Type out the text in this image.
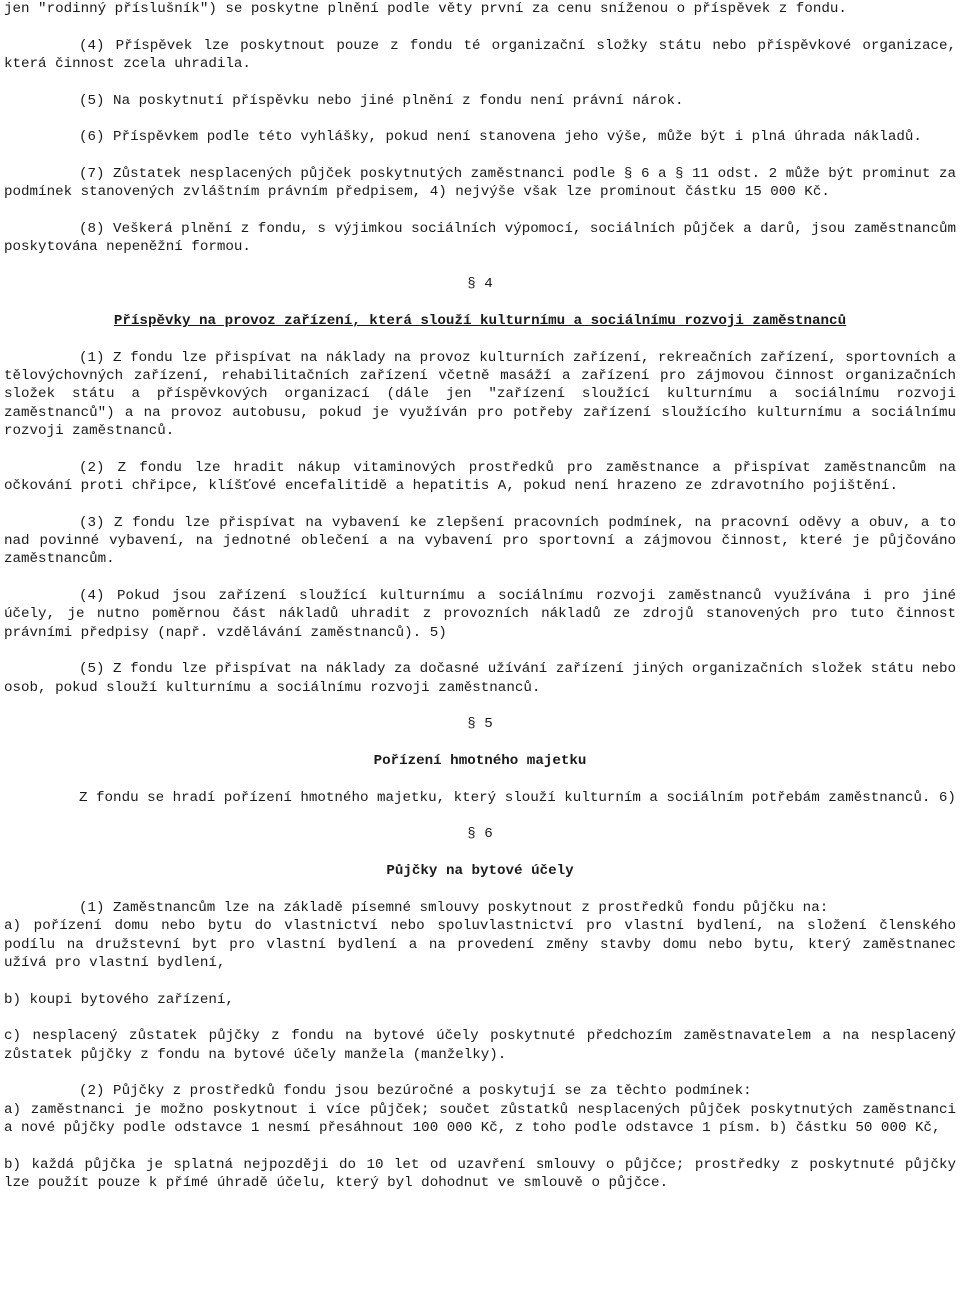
jen "rodinný příslušník") se poskytne plnění podle věty první za cenu sníženou o příspěvek z fondu.

(4) Příspěvek lze poskytnout pouze z fondu té organizační složky státu nebo příspěvkové organizace, která činnost zcela uhradila.

(5) Na poskytnutí příspěvku nebo jiné plnění z fondu není právní nárok.

(6) Příspěvkem podle této vyhlášky, pokud není stanovena jeho výše, může být i plná úhrada nákladů.

(7) Zůstatek nesplacených půjček poskytnutých zaměstnanci podle § 6 a § 11 odst. 2 může být prominut za podmínek stanovených zvláštním právním předpisem, 4) nejvýše však lze prominout částku 15 000 Kč.

(8) Veškerá plnění z fondu, s výjimkou sociálních výpomocí, sociálních půjček a darů, jsou zaměstnancům poskytována nepeněžní formou.

§ 4

Příspěvky na provoz zařízení, která slouží kulturnímu a sociálnímu rozvoji zaměstnanců

(1) Z fondu lze přispívat na náklady na provoz kulturních zařízení, rekreačních zařízení, sportovních a tělovýchovných zařízení, rehabilitačních zařízení včetně masáží a zařízení pro zájmovou činnost organizačních složek státu a příspěvkových organizací (dále jen "zařízení sloužící kulturnímu a sociálnímu rozvoji zaměstnanců") a na provoz autobusu, pokud je využíván pro potřeby zařízení sloužícího kulturnímu a sociálnímu rozvoji zaměstnanců.

(2) Z fondu lze hradit nákup vitaminových prostředků pro zaměstnance a přispívat zaměstnancům na očkování proti chřipce, klíšťové encefalitidě a hepatitis A, pokud není hrazeno ze zdravotního pojištění.

(3) Z fondu lze přispívat na vybavení ke zlepšení pracovních podmínek, na pracovní oděvy a obuv, a to nad povinné vybavení, na jednotné oblečení a na vybavení pro sportovní a zájmovou činnost, které je půjčováno zaměstnancům.

(4) Pokud jsou zařízení sloužící kulturnímu a sociálnímu rozvoji zaměstnanců využívána i pro jiné účely, je nutno poměrnou část nákladů uhradit z provozních nákladů ze zdrojů stanovených pro tuto činnost právními předpisy (např. vzdělávání zaměstnanců). 5)

(5) Z fondu lze přispívat na náklady za dočasné užívání zařízení jiných organizačních složek státu nebo osob, pokud slouží kulturnímu a sociálnímu rozvoji zaměstnanců.

§ 5

Pořízení hmotného majetku

Z fondu se hradí pořízení hmotného majetku, který slouží kulturním a sociálním potřebám zaměstnanců. 6)

§ 6

Půjčky na bytové účely

(1) Zaměstnancům lze na základě písemné smlouvy poskytnout z prostředků fondu půjčku na:

a) pořízení domu nebo bytu do vlastnictví nebo spoluvlastnictví pro vlastní bydlení, na složení členského podílu na družstevní byt pro vlastní bydlení a na provedení změny stavby domu nebo bytu, který zaměstnanec užívá pro vlastní bydlení,

b) koupi bytového zařízení,

c) nesplacený zůstatek půjčky z fondu na bytové účely poskytnuté předchozím zaměstnavatelem a na nesplacený zůstatek půjčky z fondu na bytové účely manžela (manželky).

(2) Půjčky z prostředků fondu jsou bezúročné a poskytují se za těchto podmínek:

a) zaměstnanci je možno poskytnout i více půjček; součet zůstatků nesplacených půjček poskytnutých zaměstnanci a nové půjčky podle odstavce 1 nesmí přesáhnout 100 000 Kč, z toho podle odstavce 1 písm. b) částku 50 000 Kč,

b) každá půjčka je splatná nejpozději do 10 let od uzavření smlouvy o půjčce; prostředky z poskytnuté půjčky lze použít pouze k přímé úhradě účelu, který byl dohodnut ve smlouvě o půjčce.
